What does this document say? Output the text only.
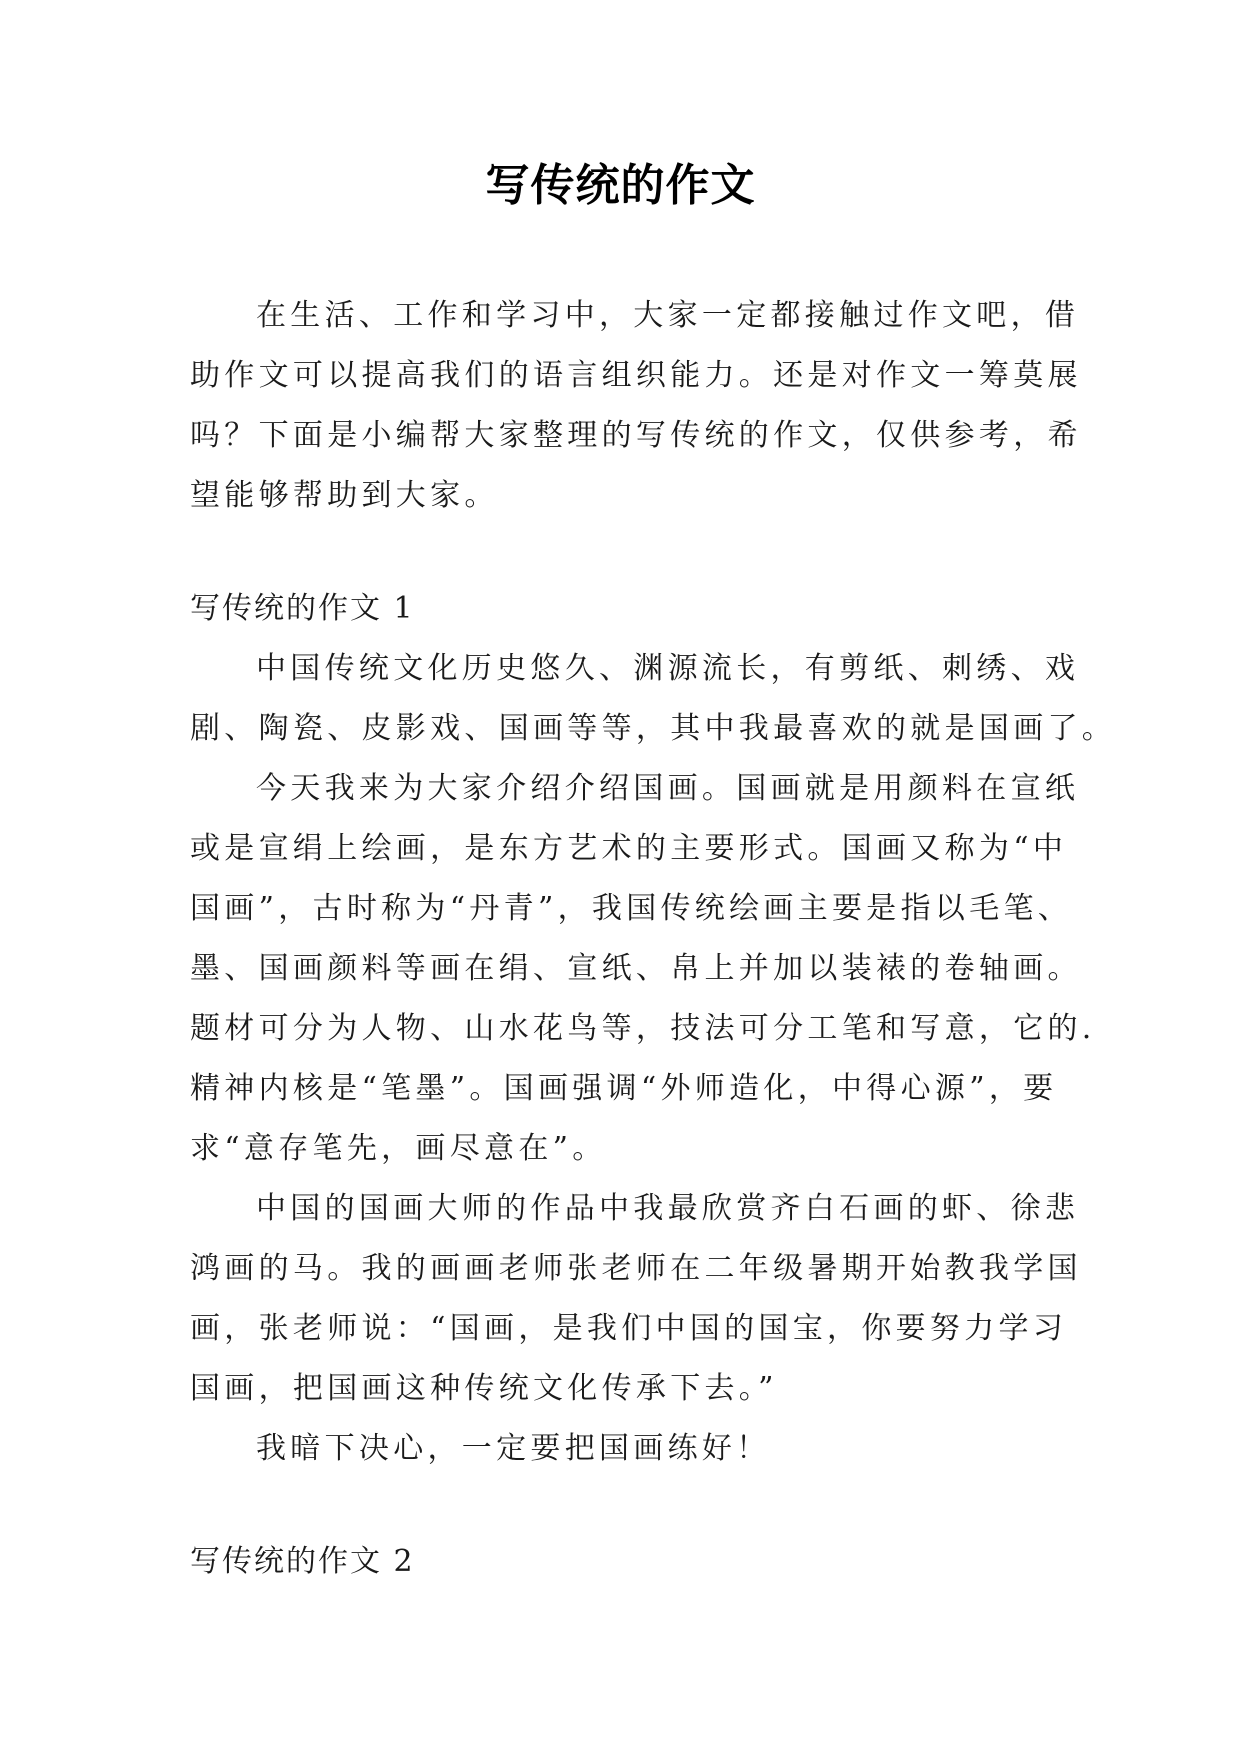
写传统的作文
在生活、工作和学习中，大家一定都接触过作文吧，借
助作文可以提高我们的语言组织能力。还是对作文一筹莫展
吗？下面是小编帮大家整理的写传统的作文，仅供参考，希
望能够帮助到大家。
写传统的作文 1
中国传统文化历史悠久、渊源流长，有剪纸、刺绣、戏
剧、陶瓷、皮影戏、国画等等，其中我最喜欢的就是国画了。
今天我来为大家介绍介绍国画。国画就是用颜料在宣纸
或是宣绢上绘画，是东方艺术的主要形式。国画又称为“中
国画”，古时称为“丹青”，我国传统绘画主要是指以毛笔、
墨、国画颜料等画在绢、宣纸、帛上并加以装裱的卷轴画。
题材可分为人物、山水花鸟等，技法可分工笔和写意，它的.
精神内核是“笔墨”。国画强调“外师造化，中得心源”，要
求“意存笔先，画尽意在”。
中国的国画大师的作品中我最欣赏齐白石画的虾、徐悲
鸿画的马。我的画画老师张老师在二年级暑期开始教我学国
画，张老师说：“国画，是我们中国的国宝，你要努力学习
国画，把国画这种传统文化传承下去。”
我暗下决心，一定要把国画练好！
写传统的作文 2
